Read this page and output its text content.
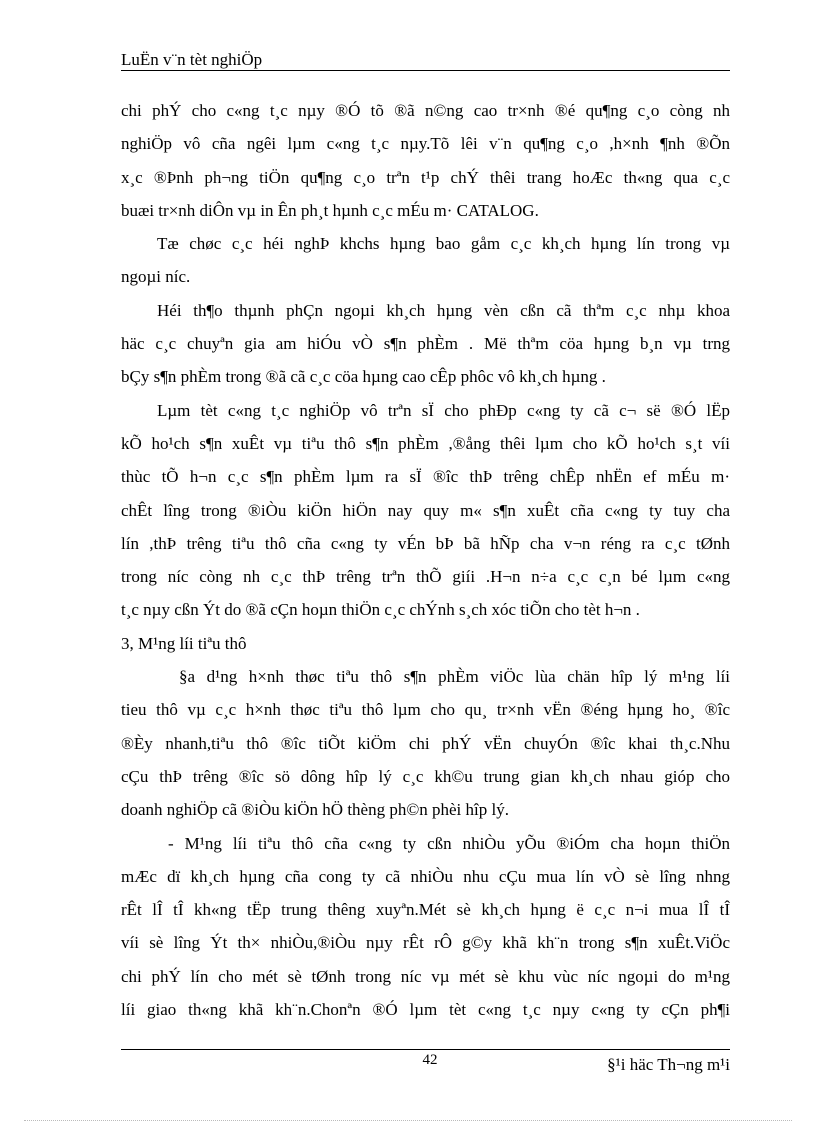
LuËn v¨n tèt nghiÖp
chi phÝ cho c«ng t¸c nµy ®Ó tõ ®ã n©ng cao tr×nh ®é qu¶ng c¸o còng nh
nghiÖp vô cña ngêi lµm c«ng t¸c nµy.Tõ lêi v¨n qu¶ng c¸o ,h×nh ¶nh ®Õn
x¸c ®Þnh ph¬ng tiÖn qu¶ng c¸o trªn t¹p chÝ thêi trang hoÆc th«ng qua c¸c
buæi tr×nh diÔn vµ in Ên ph¸t hµnh c¸c mÉu m· CATALOG.
Tæ chøc c¸c héi nghÞ khchs hµng bao gåm c¸c kh¸ch hµng lín trong vµ
ngoµi níc.
Héi th¶o thµnh phÇn ngoµi kh¸ch hµng vèn cßn cã thªm c¸c nhµ khoa
häc c¸c chuyªn gia am hiÓu vÒ s¶n phÈm . Më thªm cöa hµng b¸n vµ trng
bÇy s¶n phÈm trong ®ã cã c¸c cöa hµng cao cÊp phôc vô kh¸ch hµng .
Lµm tèt c«ng t¸c nghiÖp vô trªn sÏ cho phÐp c«ng ty cã c¬ së ®Ó lËp
kÕ ho¹ch s¶n xuÊt vµ tiªu thô s¶n phÈm ,®ång thêi lµm cho kÕ ho¹ch s¸t víi
thùc tÕ h¬n c¸c s¶n phÈm lµm ra sÏ ®îc thÞ trêng chÊp nhËn ef mÉu m·
chÊt lîng trong ®iÒu kiÖn hiÖn nay quy m« s¶n xuÊt cña c«ng ty tuy cha
lín ,thÞ trêng tiªu thô cña c«ng ty vÉn bÞ bã hÑp cha v¬n réng ra c¸c tØnh
trong níc còng nh c¸c thÞ trêng trªn thÕ giíi .H¬n n÷a c¸c c¸n bé lµm c«ng
t¸c nµy cßn Ýt do ®ã cÇn hoµn thiÖn c¸c chÝnh s¸ch xóc tiÕn cho tèt h¬n .
3, M¹ng líi tiªu thô
§a d¹ng h×nh thøc tiªu thô s¶n phÈm viÖc lùa chän hîp lý m¹ng líi
tieu thô vµ c¸c h×nh thøc tiªu thô lµm cho qu¸ tr×nh vËn ®éng hµng ho¸ ®îc
®Èy nhanh,tiªu thô ®îc tiÕt kiÖm chi phÝ vËn chuyÓn ®îc khai th¸c.Nhu
cÇu thÞ trêng ®îc sö dông hîp lý c¸c kh©u trung gian kh¸ch nhau gióp cho
doanh nghiÖp cã ®iÒu kiÖn hÖ thèng ph©n phèi hîp lý.
- M¹ng líi tiªu thô cña c«ng ty cßn nhiÒu yÕu ®iÓm cha hoµn thiÖn
mÆc dï kh¸ch hµng cña cong ty cã nhiÒu nhu cÇu mua lín vÒ sè lîng nhng
rÊt lÎ tÎ kh«ng tËp trung thêng xuyªn.Mét sè kh¸ch hµng ë c¸c n¬i mua lÎ tÎ
víi sè lîng Ýt th× nhiÒu,®iÒu nµy rÊt rÔ g©y khã kh¨n trong s¶n xuÊt.ViÖc
chi phÝ lín cho mét sè tØnh trong níc vµ mét sè khu vùc níc ngoµi do m¹ng
líi giao th«ng khã kh¨n.Chonªn ®Ó lµm tèt c«ng t¸c nµy c«ng ty cÇn ph¶i
42	§¹i häc Th¬ng m¹i
